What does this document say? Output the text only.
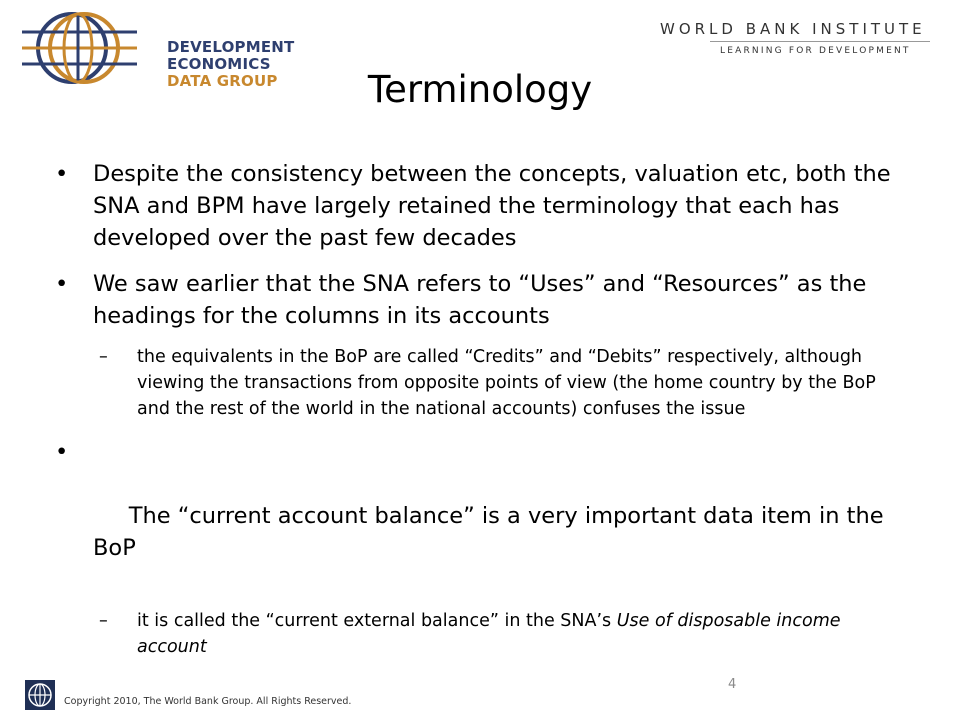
DEVELOPMENT ECONOMICS
DATA GROUP
WORLD BANK INSTITUTE
LEARNING FOR DEVELOPMENT
Terminology
• Despite the consistency between the concepts, valuation etc, both the SNA and BPM have largely retained the terminology that each has developed over the past few decades
• We saw earlier that the SNA refers to “Uses” and “Resources” as the headings for the columns in its accounts
– the equivalents in the BoP are called “Credits” and “Debits” respectively, although viewing the transactions from opposite points of view (the home country by the BoP and the rest of the world in the national accounts) confuses the issue

•

The “current account balance” is a very important data item in the BoP

– it is called the “current external balance” in the SNA’s Use of disposable income account
Copyright 2010, The World Bank Group. All Rights Reserved.
4
